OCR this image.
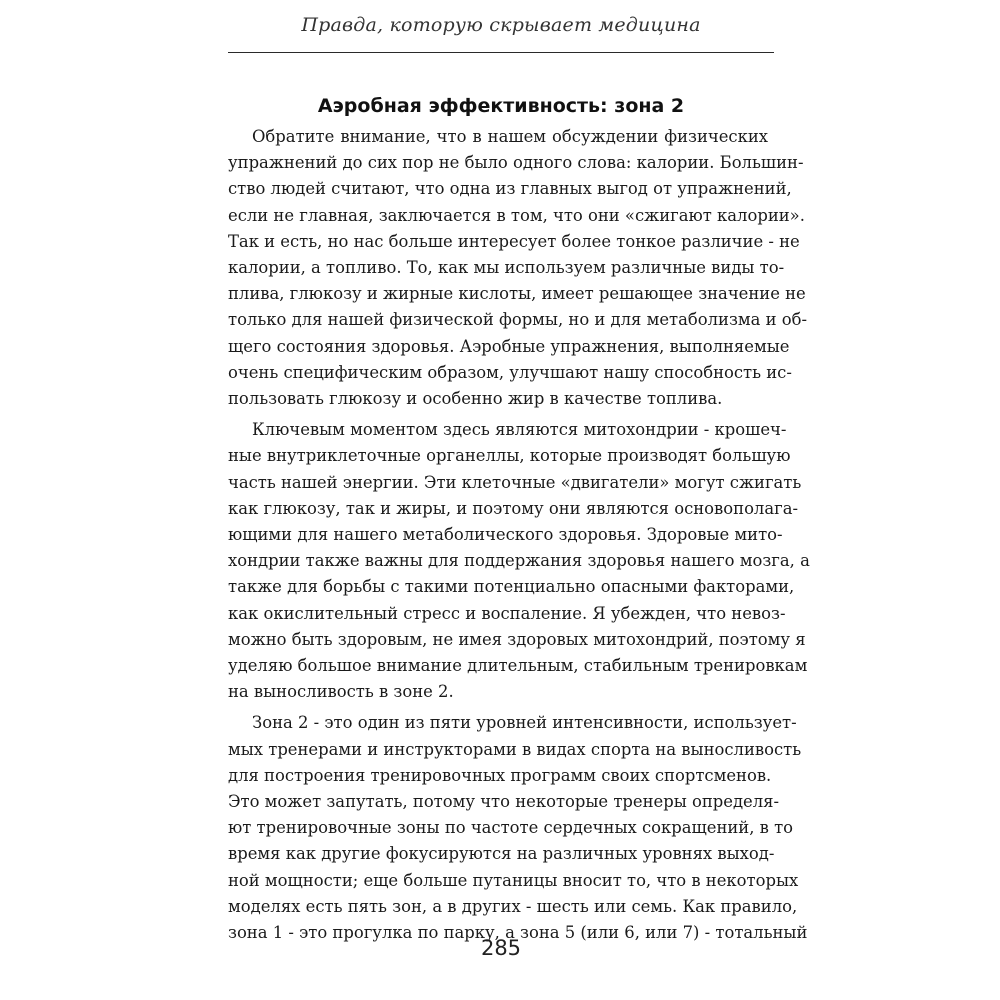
Правда, которую скрывает медицина
Аэробная эффективность: зона 2

Обратите внимание, что в нашем обсуждении физических
упражнений до сих пор не было одного слова: калории. Большин-
ство людей считают, что одна из главных выгод от упражнений,
если не главная, заключается в том, что они «сжигают калории».
Так и есть, но нас больше интересует более тонкое различие - не
калории, а топливо. То, как мы используем различные виды то-
плива, глюкозу и жирные кислоты, имеет решающее значение не
только для нашей физической формы, но и для метаболизма и об-
щего состояния здоровья. Аэробные упражнения, выполняемые
очень специфическим образом, улучшают нашу способность ис-
пользовать глюкозу и особенно жир в качестве топлива.

Ключевым моментом здесь являются митохондрии - крошеч-
ные внутриклеточные органеллы, которые производят большую
часть нашей энергии. Эти клеточные «двигатели» могут сжигать
как глюкозу, так и жиры, и поэтому они являются основополага-
ющими для нашего метаболического здоровья. Здоровые мито-
хондрии также важны для поддержания здоровья нашего мозга, а
также для борьбы с такими потенциально опасными факторами,
как окислительный стресс и воспаление. Я убежден, что невоз-
можно быть здоровым, не имея здоровых митохондрий, поэтому я
уделяю большое внимание длительным, стабильным тренировкам
на выносливость в зоне 2.

Зона 2 - это один из пяти уровней интенсивности, использует-
мых тренерами и инструкторами в видах спорта на выносливость
для построения тренировочных программ своих спортсменов.
Это может запутать, потому что некоторые тренеры определя-
ют тренировочные зоны по частоте сердечных сокращений, в то
время как другие фокусируются на различных уровнях выход-
ной мощности; еще больше путаницы вносит то, что в некоторых
моделях есть пять зон, а в других - шесть или семь. Как правило,
зона 1 - это прогулка по парку, а зона 5 (или 6, или 7) - тотальный

285
